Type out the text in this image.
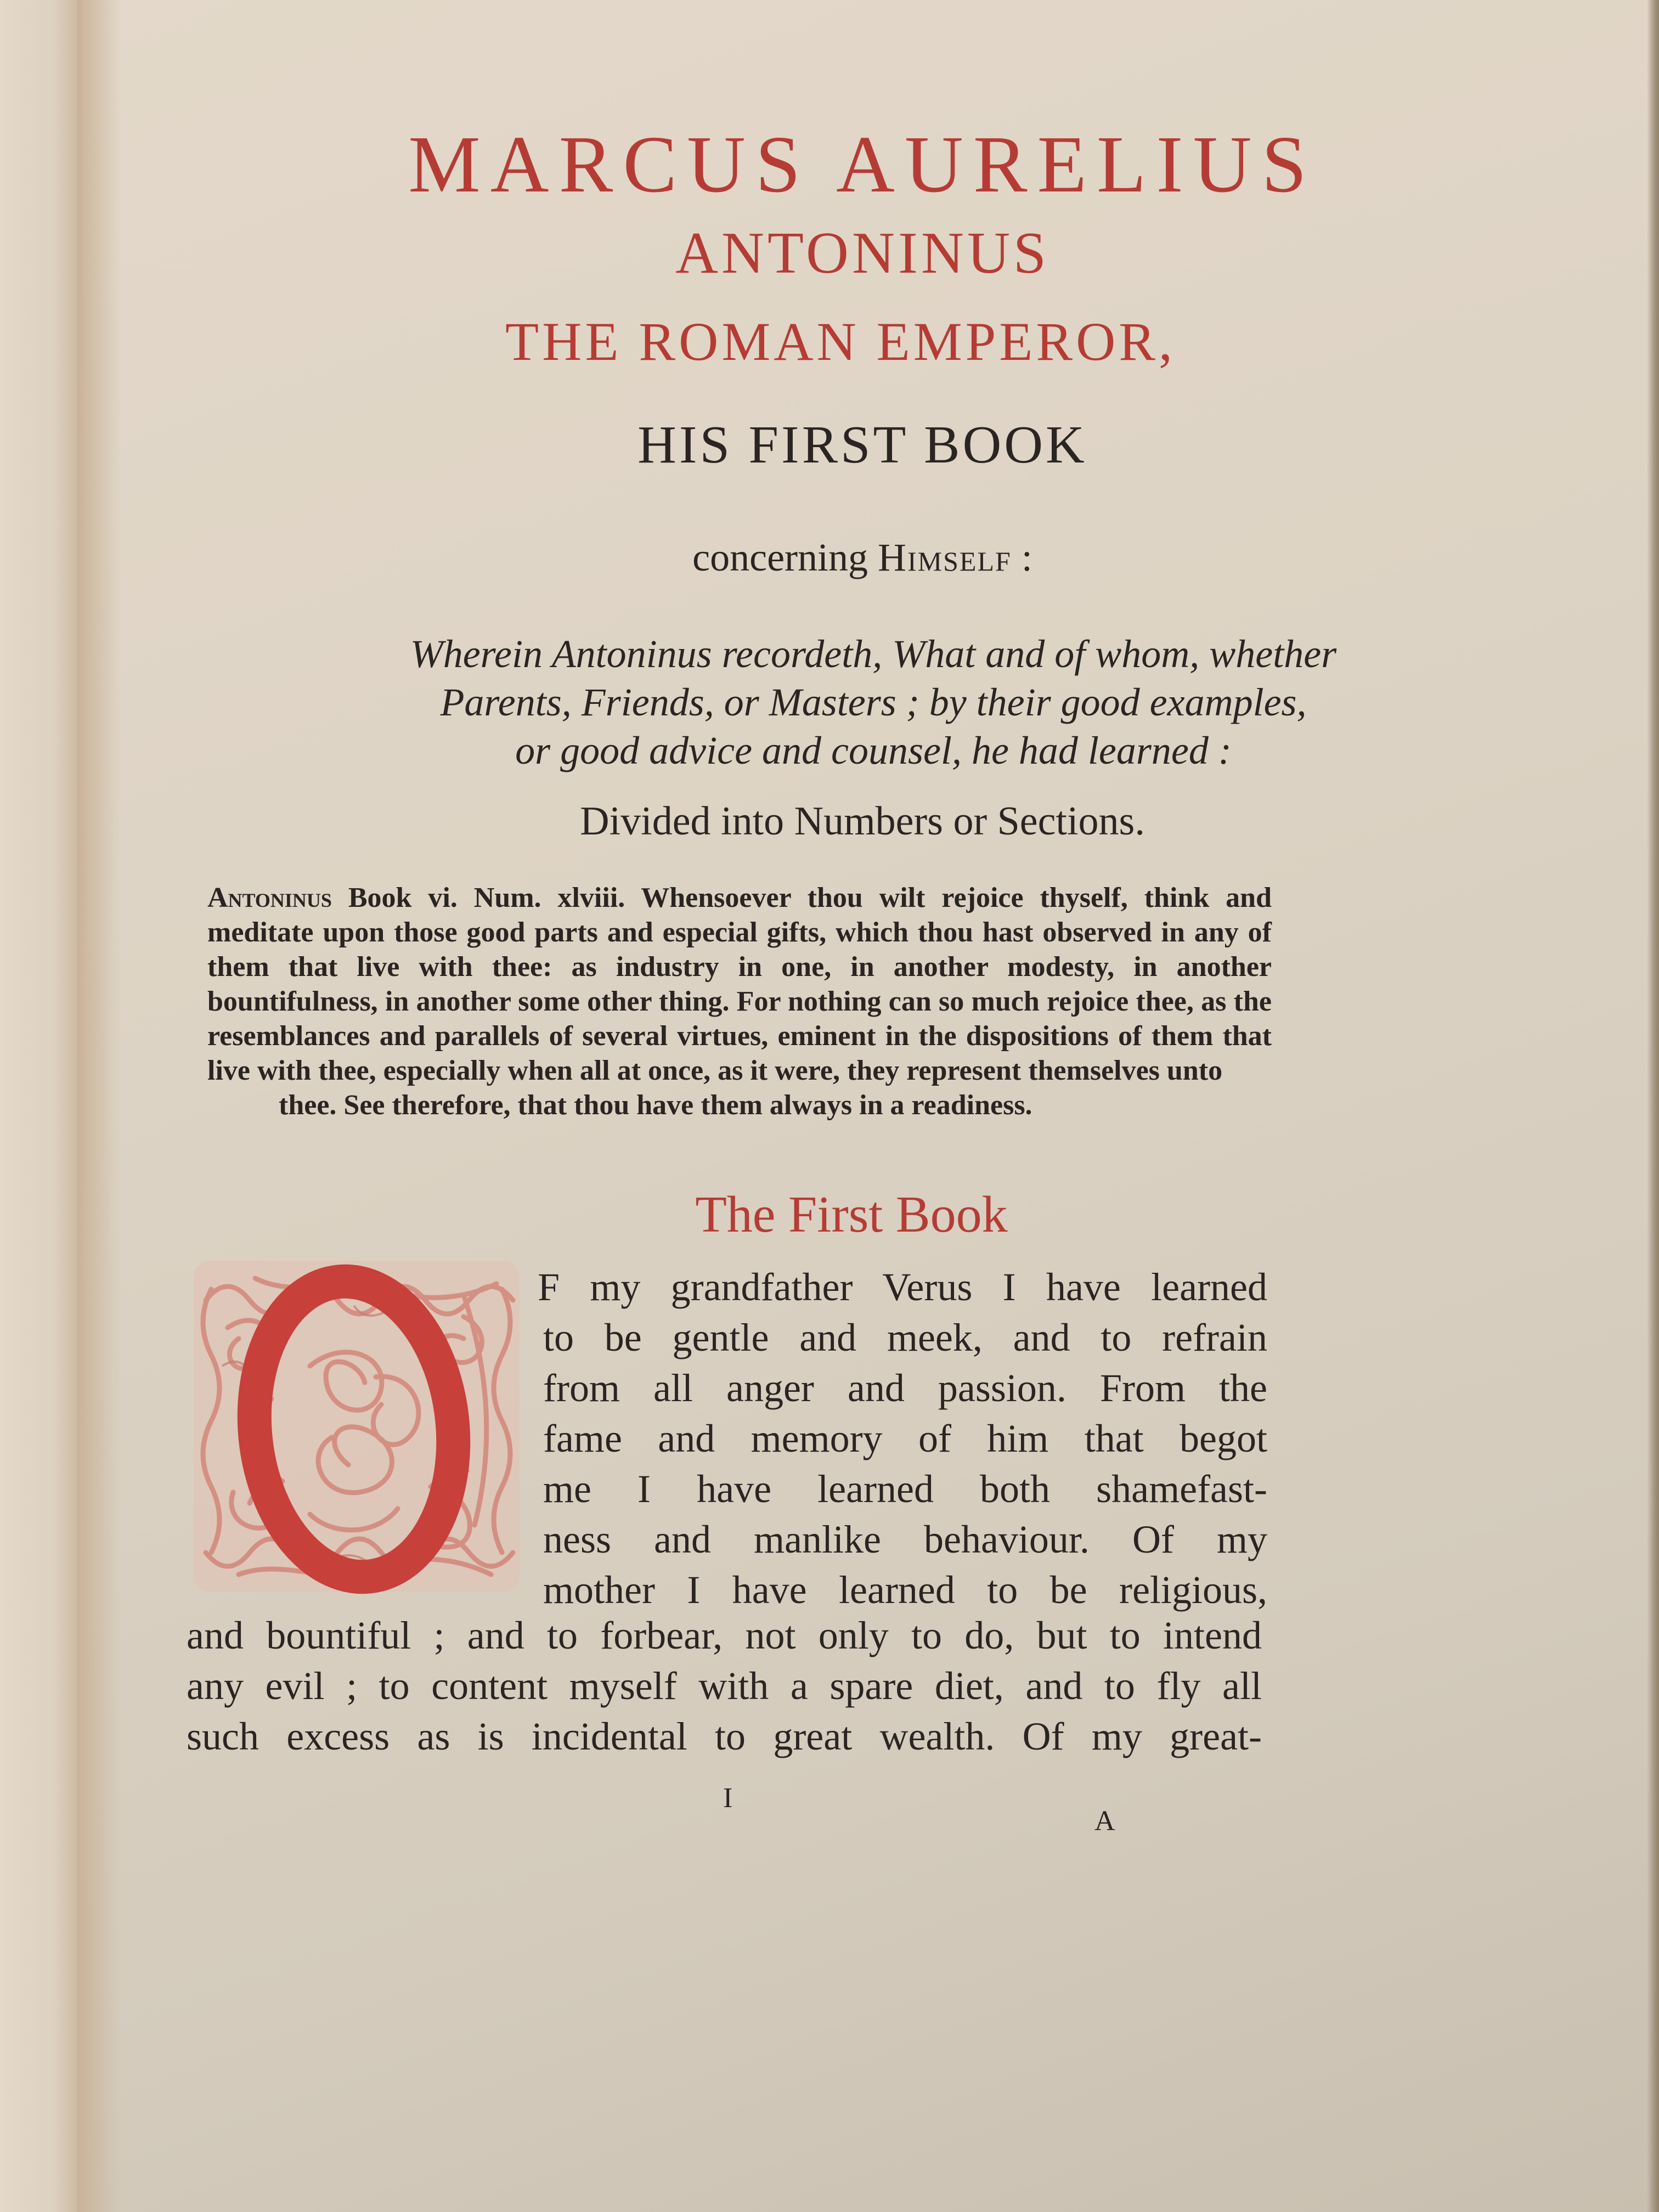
MARCUS AURELIUS
ANTONINUS
THE ROMAN EMPEROR,
HIS FIRST BOOK
concerning Himself :
Wherein Antoninus recordeth, What and of whom, whether
Parents, Friends, or Masters ; by their good examples,
or good advice and counsel, he had learned :
Divided into Numbers or Sections.
Antoninus Book vi. Num. xlviii. Whensoever thou wilt rejoice thyself, think and meditate upon those good parts and especial gifts, which thou hast observed in any of them that live with thee: as industry in one, in another modesty, in another bountifulness, in another some other thing. For nothing can so much rejoice thee, as the resemblances and parallels of several virtues, eminent in the dispositions of them that live with thee, especially when all at once, as it were, they represent themselves unto
thee. See therefore, that thou have them always in a readiness.
The First Book
F my grandfather Verus I have learned
to be gentle and meek, and to refrain
from all anger and passion. From the
fame and memory of him that begot
me I have learned both shamefast-
ness and manlike behaviour. Of my
mother I have learned to be religious,
and bountiful ; and to forbear, not only to do, but to intend
any evil ; to content myself with a spare diet, and to fly all
such excess as is incidental to great wealth. Of my great-
I
A
